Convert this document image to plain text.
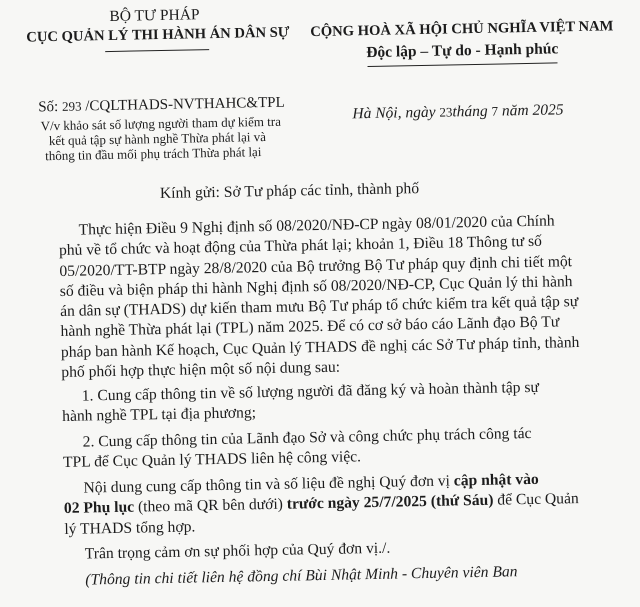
BỘ TƯ PHÁP
CỤC QUẢN LÝ THI HÀNH ÁN DÂN SỰ	CỘNG HOÀ XÃ HỘI CHỦ NGHĨA VIỆT NAM
Độc lập – Tự do - Hạnh phúc
Số: 293 /CQLTHADS-NVTHAHC&TPL
V/v khảo sát số lượng người tham dự kiểm tra
kết quả tập sự hành nghề Thừa phát lại và
thông tin đầu mối phụ trách Thừa phát lại
Hà Nội, ngày 23tháng 7 năm 2025
Kính gửi: Sở Tư pháp các tỉnh, thành phố
Thực hiện Điều 9 Nghị định số 08/2020/NĐ-CP ngày 08/01/2020 của Chính
phủ về tổ chức và hoạt động của Thừa phát lại; khoản 1, Điều 18 Thông tư số
05/2020/TT-BTP ngày 28/8/2020 của Bộ trưởng Bộ Tư pháp quy định chi tiết một
số điều và biện pháp thi hành Nghị định số 08/2020/NĐ-CP, Cục Quản lý thi hành
án dân sự (THADS) dự kiến tham mưu Bộ Tư pháp tổ chức kiểm tra kết quả tập sự
hành nghề Thừa phát lại (TPL) năm 2025. Để có cơ sở báo cáo Lãnh đạo Bộ Tư
pháp ban hành Kế hoạch, Cục Quản lý THADS đề nghị các Sở Tư pháp tỉnh, thành
phố phối hợp thực hiện một số nội dung sau:
1. Cung cấp thông tin về số lượng người đã đăng ký và hoàn thành tập sự
hành nghề TPL tại địa phương;
2. Cung cấp thông tin của Lãnh đạo Sở và công chức phụ trách công tác
TPL để Cục Quản lý THADS liên hệ công việc.
Nội dung cung cấp thông tin và số liệu đề nghị Quý đơn vị cập nhật vào
02 Phụ lục (theo mã QR bên dưới) trước ngày 25/7/2025 (thứ Sáu) để Cục Quản
lý THADS tổng hợp.
Trân trọng cảm ơn sự phối hợp của Quý đơn vị./.
(Thông tin chi tiết liên hệ đồng chí Bùi Nhật Minh - Chuyên viên Ban
